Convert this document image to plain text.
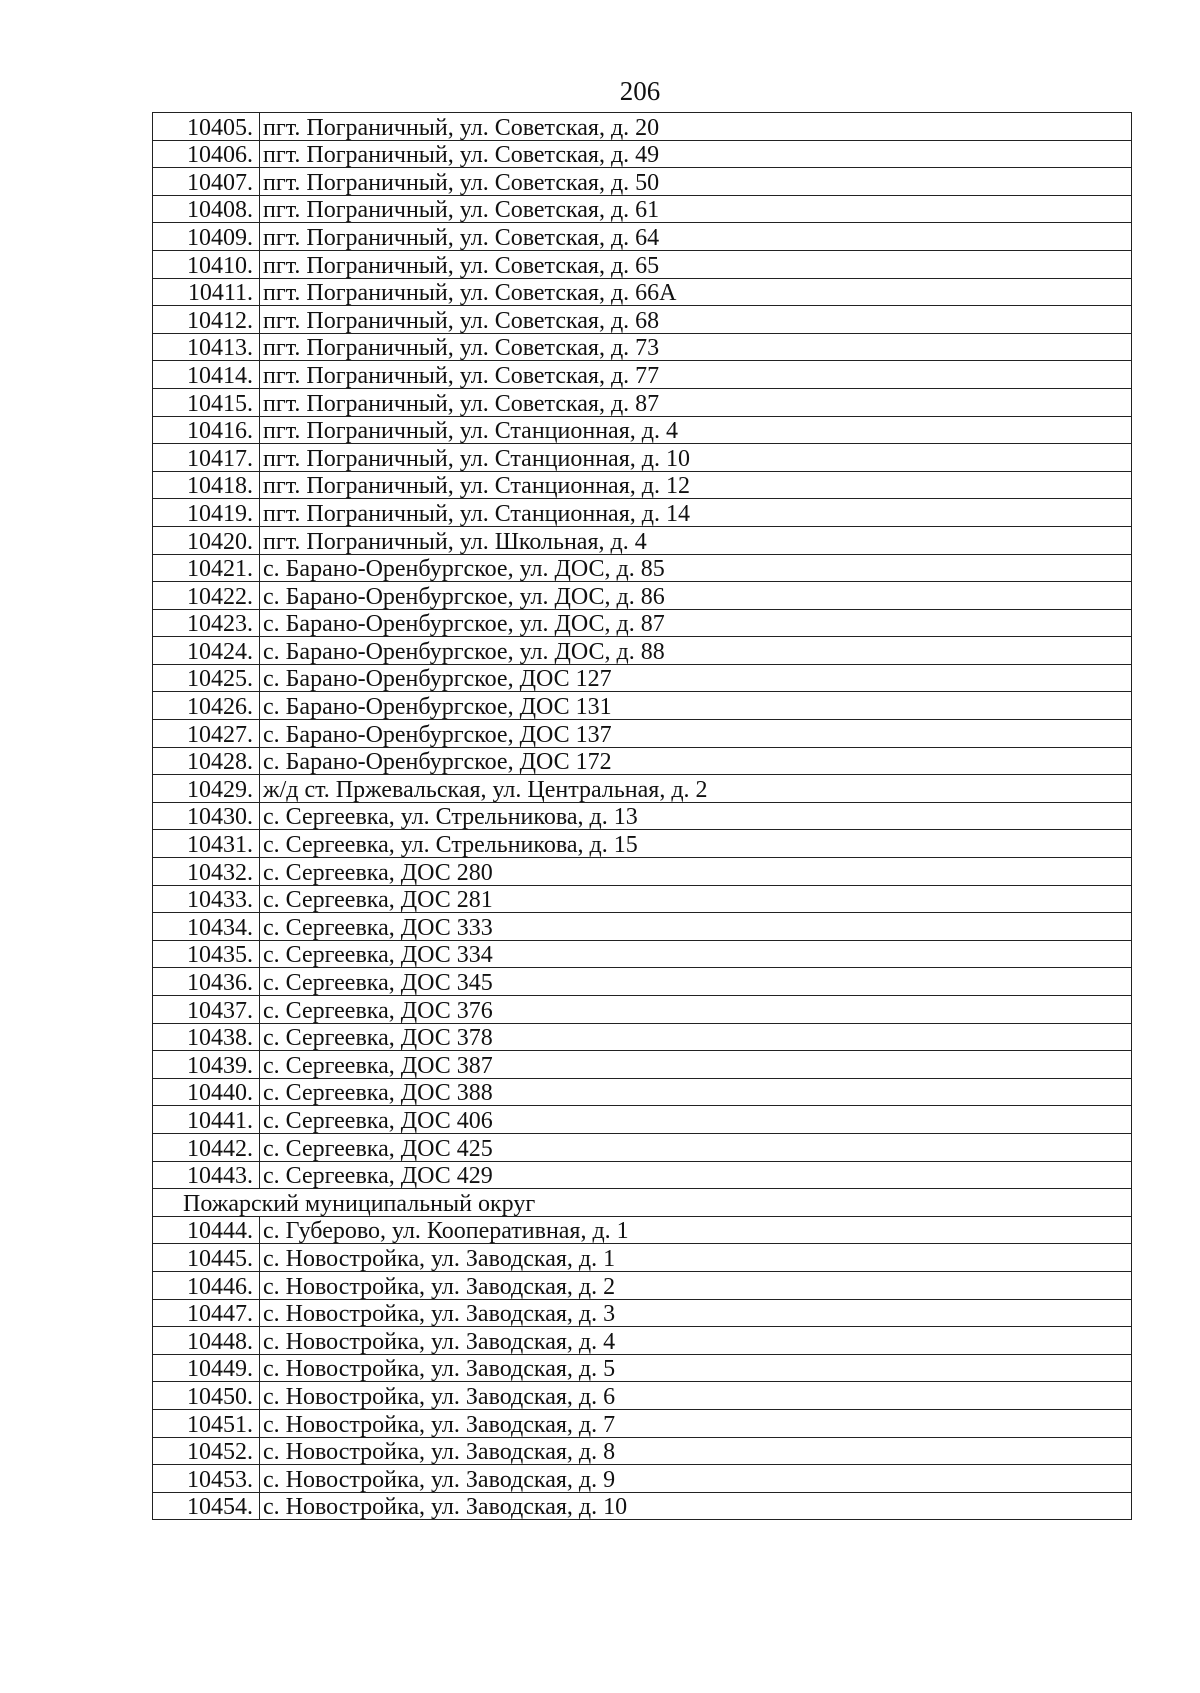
206
10405.	пгт. Пограничный, ул. Советская, д. 20
10406.	пгт. Пограничный, ул. Советская, д. 49
10407.	пгт. Пограничный, ул. Советская, д. 50
10408.	пгт. Пограничный, ул. Советская, д. 61
10409.	пгт. Пограничный, ул. Советская, д. 64
10410.	пгт. Пограничный, ул. Советская, д. 65
10411.	пгт. Пограничный, ул. Советская, д. 66А
10412.	пгт. Пограничный, ул. Советская, д. 68
10413.	пгт. Пограничный, ул. Советская, д. 73
10414.	пгт. Пограничный, ул. Советская, д. 77
10415.	пгт. Пограничный, ул. Советская, д. 87
10416.	пгт. Пограничный, ул. Станционная, д. 4
10417.	пгт. Пограничный, ул. Станционная, д. 10
10418.	пгт. Пограничный, ул. Станционная, д. 12
10419.	пгт. Пограничный, ул. Станционная, д. 14
10420.	пгт. Пограничный, ул. Школьная, д. 4
10421.	с. Барано-Оренбургское, ул. ДОС, д. 85
10422.	с. Барано-Оренбургское, ул. ДОС, д. 86
10423.	с. Барано-Оренбургское, ул. ДОС, д. 87
10424.	с. Барано-Оренбургское, ул. ДОС, д. 88
10425.	с. Барано-Оренбургское, ДОС 127
10426.	с. Барано-Оренбургское, ДОС 131
10427.	с. Барано-Оренбургское, ДОС 137
10428.	с. Барано-Оренбургское, ДОС 172
10429.	ж/д ст. Пржевальская, ул. Центральная, д. 2
10430.	с. Сергеевка, ул. Стрельникова, д. 13
10431.	с. Сергеевка, ул. Стрельникова, д. 15
10432.	с. Сергеевка, ДОС 280
10433.	с. Сергеевка, ДОС 281
10434.	с. Сергеевка, ДОС 333
10435.	с. Сергеевка, ДОС 334
10436.	с. Сергеевка, ДОС 345
10437.	с. Сергеевка, ДОС 376
10438.	с. Сергеевка, ДОС 378
10439.	с. Сергеевка, ДОС 387
10440.	с. Сергеевка, ДОС 388
10441.	с. Сергеевка, ДОС 406
10442.	с. Сергеевка, ДОС 425
10443.	с. Сергеевка, ДОС 429
Пожарский муниципальный округ	
10444.	с. Губерово, ул. Кооперативная, д. 1
10445.	с. Новостройка, ул. Заводская, д. 1
10446.	с. Новостройка, ул. Заводская, д. 2
10447.	с. Новостройка, ул. Заводская, д. 3
10448.	с. Новостройка, ул. Заводская, д. 4
10449.	с. Новостройка, ул. Заводская, д. 5
10450.	с. Новостройка, ул. Заводская, д. 6
10451.	с. Новостройка, ул. Заводская, д. 7
10452.	с. Новостройка, ул. Заводская, д. 8
10453.	с. Новостройка, ул. Заводская, д. 9
10454.	с. Новостройка, ул. Заводская, д. 10
